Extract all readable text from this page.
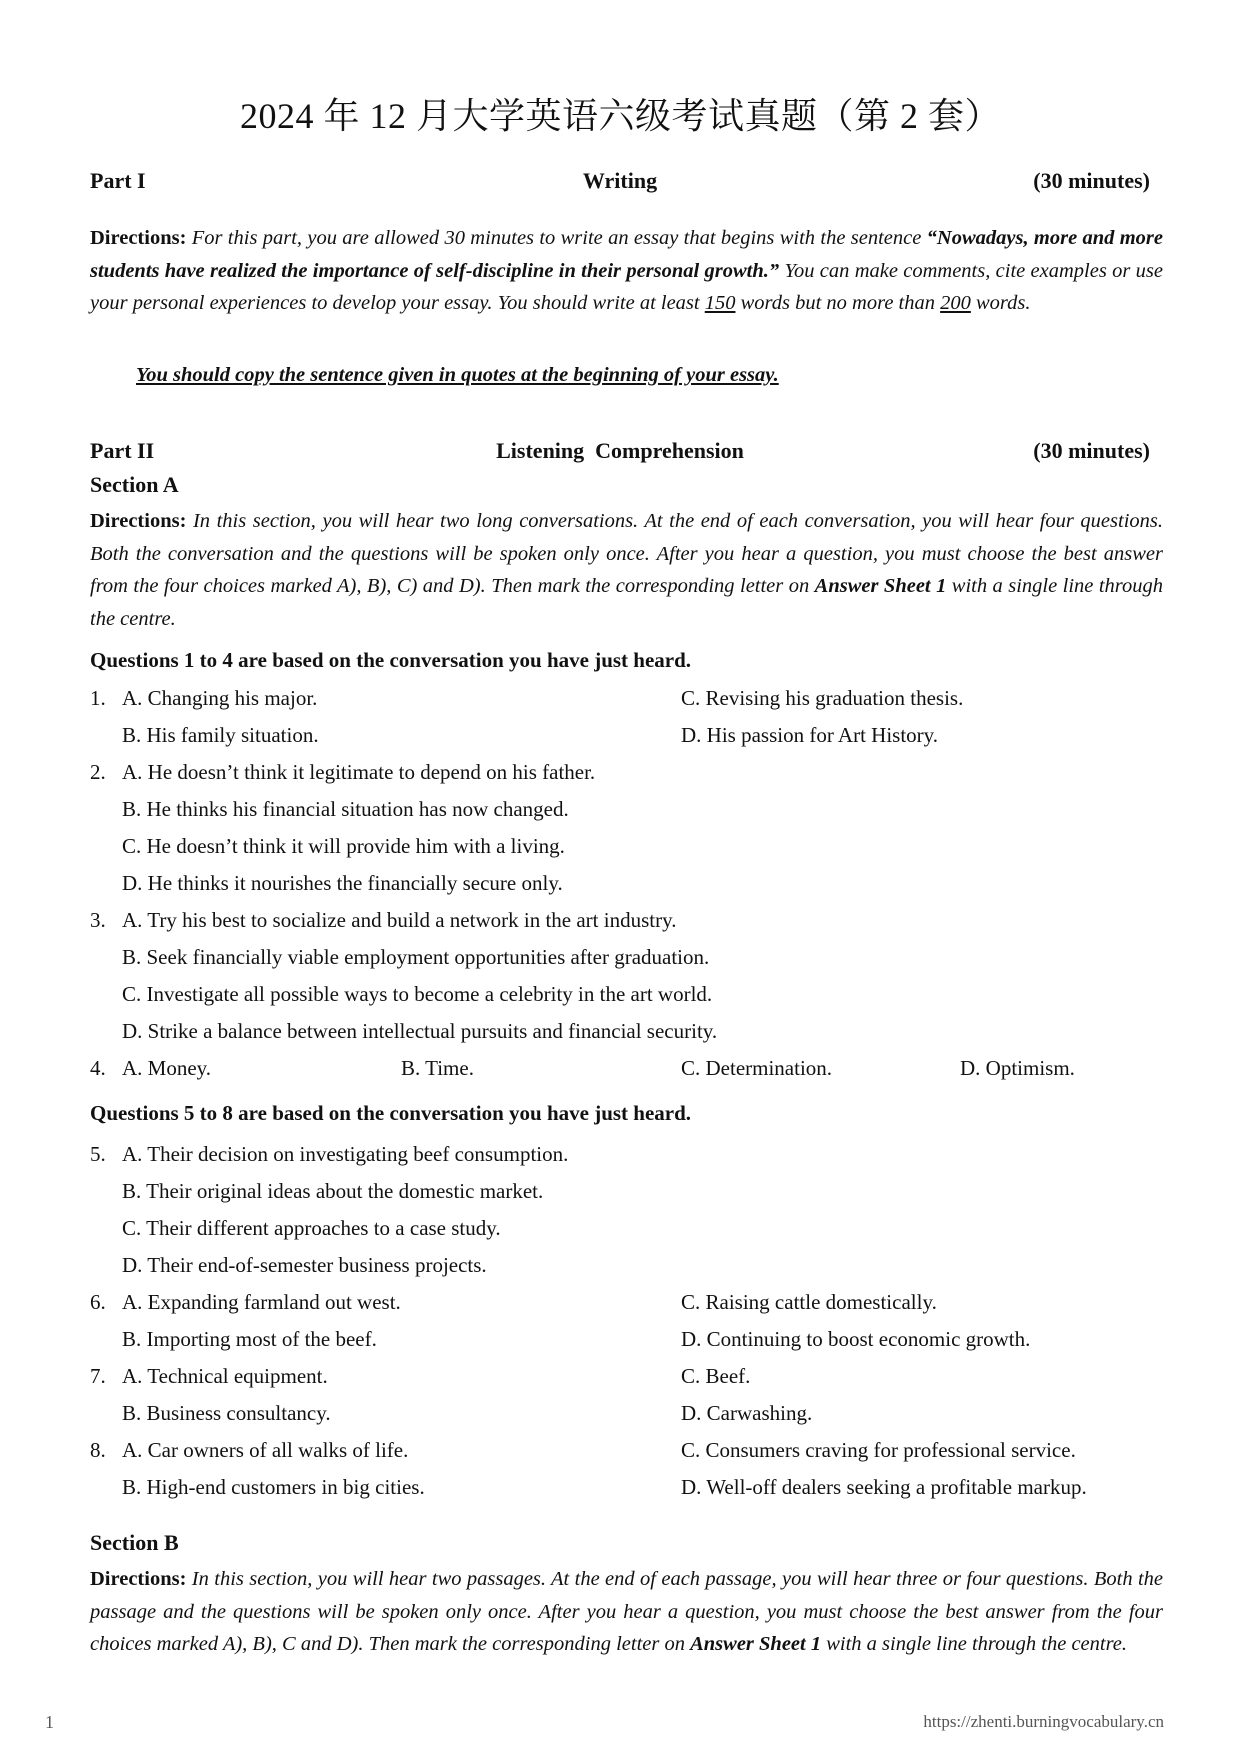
2024 年 12 月大学英语六级考试真题（第 2 套）
Part I	Writing	(30 minutes)
Directions: For this part, you are allowed 30 minutes to write an essay that begins with the sentence “Nowadays, more and more students have realized the importance of self-discipline in their personal growth.” You can make comments, cite examples or use your personal experiences to develop your essay. You should write at least 150 words but no more than 200 words.
You should copy the sentence given in quotes at the beginning of your essay.
Part II	Listening  Comprehension	(30 minutes)
Section A
Directions: In this section, you will hear two long conversations. At the end of each conversation, you will hear four questions. Both the conversation and the questions will be spoken only once. After you hear a question, you must choose the best answer from the four choices marked A), B), C) and D). Then mark the corresponding letter on Answer Sheet 1 with a single line through the centre.
Questions 1 to 4 are based on the conversation you have just heard.
1. A. Changing his major.	C. Revising his graduation thesis.
B. His family situation.	D. His passion for Art History.
2. A. He doesn’t think it legitimate to depend on his father.
B. He thinks his financial situation has now changed.
C. He doesn’t think it will provide him with a living.
D. He thinks it nourishes the financially secure only.
3. A. Try his best to socialize and build a network in the art industry.
B. Seek financially viable employment opportunities after graduation.
C. Investigate all possible ways to become a celebrity in the art world.
D. Strike a balance between intellectual pursuits and financial security.
4. A. Money.	B. Time.	C. Determination.	D. Optimism.
Questions 5 to 8 are based on the conversation you have just heard.
5. A. Their decision on investigating beef consumption.
B. Their original ideas about the domestic market.
C. Their different approaches to a case study.
D. Their end-of-semester business projects.
6. A. Expanding farmland out west.	C. Raising cattle domestically.
B. Importing most of the beef.	D. Continuing to boost economic growth.
7. A. Technical equipment.	C. Beef.
B. Business consultancy.	D. Carwashing.
8. A. Car owners of all walks of life.	C. Consumers craving for professional service.
B. High-end customers in big cities.	D. Well-off dealers seeking a profitable markup.
Section B
Directions: In this section, you will hear two passages. At the end of each passage, you will hear three or four questions. Both the passage and the questions will be spoken only once. After you hear a question, you must choose the best answer from the four choices marked A), B), C and D). Then mark the corresponding letter on Answer Sheet 1 with a single line through the centre.
1	https://zhenti.burningvocabulary.cn
